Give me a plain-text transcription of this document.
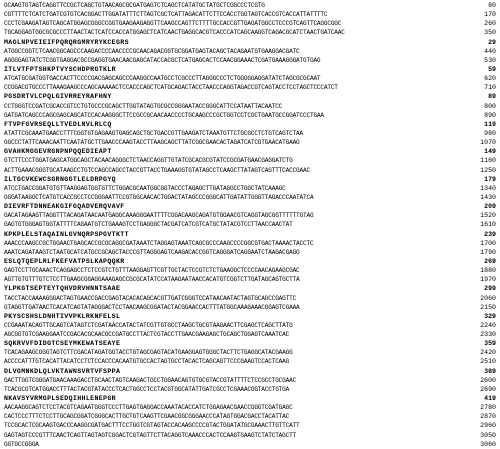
GCAAGTGTAGTCAGGTTCCGCTCAGCTGTAACAGCGCGATGAGTCTCAGCTCATATGCTATGCTCGGCCCTCGTG	80
CGTTTTCTCATCTGATCGTGTCACGGACTTGGATATTTCTTAGTCGCTCATTAGACATTCTTCCACCTGGTAGTCACCGTCACCATTATTTTC	170
CCCTCGAAGATAGTCAGCATGGAGCGGGCCGGTGAAGAAGAGGTTCAAGCCAGTTCTTTTGCCACCGTTGAGATGGCCTCCCGTCAGTTCAGGCGGC	260
TGCAGGAGTGGCGCGCCCTTAACTACTCATCCACCATGGAGCTCATCAACTGAGGCACGTCACCCATCAGCAAGGTCAGACGCATCTAACTGATCAAC	350
MAGLNPVEIEIFPQRQRGMRYRYKCEGRS	29
ATGGCCGGTCTCAACGGCAGCCCAAGACCCCAACCCCGCAACAGACGGTGCGGATGAGTACAGCTACAGAATGTGAAGGACGATC	440
AGGGGAGTATCTCGGTGAGGACGCCGAGGTGAACAACGAGCATACCACGCTCATGAGCACTCCAACGGAAACTCGATGAAAGGGATGTGAG	530
ITLVTFPTSHKPTVYSCHDPRGTKLR	59
ATCATGCGATGGTGACCACTTCCCCGACGAGCAGCCCAAGGCCAATGCCTCGCCCTTAGGGCCCTCTGGGGGAGGATATCTAGCGCGCAAT	620
CCGGACGTGCCCTTAAAGAAGCCCAGCAAAAACTCCACCCAGCTCATGCAGACTACCTAACCCAGGTAGACCGTCAGTACCTCCTAGCTCCCATCT	710
PGSDRTVLCPQLGIVRREYRAFHNY	89
CCTGGGTCCGATCGCACCGTCCTGTGCCCGCAGCTTGGTATAGTGCGCCGGGAATACCGGGCATTCCATAATTACAATCC	800
GATGATCAGCCCAGCGAGCAGCATCCACAAGGGCTTCCGCCGCAACAACCCCTGCAAGCCCGCTGGTCCTCGCTGAATGCCGGATCCCTGAA	890
FTVPFGVRSEQLLTVEDLNVLRLCQ	119
ATATTCGCAAATGAACCTTTCGGTGTGAGAAGTGAGCAGCTGCTGACCGTTGAAGATCTAAATGTTCTGCGCCTCTGTCAGTCTAA	980
GGCCCTATTCAAACAATTCAATATGCTTGAACCCAAGTACCTTAAGCAGCTTATCGGCGAACACTAGATCATCGTGAACATGAAG	1070
GVAHKMGGEVRGNPNPQQEDIEAPT	149
GTCTTCCCTGGATGAGCATGGCAGCTACAACAGGGCTCTAACCAGGTTGTATCGCACGCGTATCCGCGATGAACGAGGATCTG	1160
ACTTGAAACGGGTGCATAAGCCTGTCCAGCCAGCCTACCGTTACCTGAAAGGTGTATAGCCTCAAGCTTATAGTCAGTTTCACCGAAC	1250
ILTGCVKEWCSGRNGGTLELDRPGYQ	179
ATCCTGACCGGATGTGTTAAGGAGTGGTGTTCTGGACGCAATGGCGGTACCCTAGAGCTTGATAGGCCTGGCTATCAAAGC	1340
GGGATAAGGCTCATGTCACCGCCTCCGGGAATTCCGTGGCAACACTGGACTATAGCCCGGGCATTGATATTGGGTTAGACCCAATATCA	1430
DIEVRFTDNNEAKGIFGQADVERQVAVF	209
GACATAGAAGTTAGGTTTACAGATAACAATGAGGCAAAGGGAATTTTCGGACAAGCAGATGTGGAACGTCAGGTAGCGGTTTTTTGTAG	1520
GAGTGTGGGAGTGGTATTTTCAGAATGTCTGAAAGTCCTGAGGGCTACGATCATCGTCATGCTATACGTCCTTAACCAACTAT	1610
KPKPLELSTAQAINLGVNQRPSPGVTKTT	239
AAACCCAAGCCGCTGGAACTGAGCACCGCGCAGGCGATAAATCTAGGAGTAAATCAGCGCCCAAGCCCCGGCGTGACTAAAACTACCTC	1700
AAATCAGATAAGTCTAATGCATCATGCCGCAGCTACCCGTTAGGGAGTCAAGACACCGGTCAGGGATCAGGAATCTAAGACGAGG	1790
ESLQTQEPLRLFKEFVATPSLKAPQQKR	269
GAGTCCTTGCAAACTCAGGAGCCTCTCCGTCTGTTTAAGGAGTTCGTTGCTACTCCGTCTCTGAAGGCTCCCCAACAGAAGCGAC	1880
AGTTGTGTTTGTCTCCTTGAAGCGGAGGAAAGAGCCGCGCATATCCATAAGAATAACCACATGTCGGTCTTGATAGCAGTGCTTA	1970
YLPKGTSEPTEYTQHVDRVHNNTSAAE	299
TACCTACCAAAAGGGACTAGTGAACCGACCGAGTACACACAGCACGTTGATCGGGTCCATAACAATACTAGTGCAGCCGAGTTC	2060
GTAGGTTGATAACTCACATCAGTATAGGGACTCCTAACAAGCGGATACTACGGAACCACTTTATGGCAAAGAAACGGAGTCGAAA	2150
PKYSCSHSLDNHTIVVPKLRKNFELSL	329
CCGAAATACAGTTGCAGTCATAGTCTCGATAACCATACTATCGTTGTGCCTAAGCTGCGTAAGAACTTCGAGCTCAGCTTATG	2240
AGCGGTGTCGAAGGAATCCGACACGCAACGCCGATGCCTTACTCGTACCTTGAACGAAGAGCTGCAGCTGGAGTCAAATCAC	2330
SQKRVVFDIDGTCSEYMKEWATSEAYE	359
TCACAGAAGCGGGTAGTCTTCGACATAGATGGTACCTGTAGCGAGTACATGAAGGAGTGGGCTACTTCTGAGGCATACGAAGG	2420
ACCCCATTTGTCACATTACATCCTCTCCACCCACAATGTGCCACTAGTGCCTACACTCAGCAGTTCCCGAAGTCCACTCAAG	2510
DLVGMNKDLQLVKTAWNSVRTVFSPPA	389
GACTTGGTCGGGATGAACAAAGACCTGCAACTAGTCAAGACTGCCTGGAACAGTGTGCGTACCGTATTTTCTCCGCCTGCGAAC	2600
TCACGCGTCATGGACCTTTACTACGTATACCCTCACTGGCCTCCTACGTGGCATATTGATCGCCTCGAAACGGTACCTGTGA	2690
NKAVSYVRMGPLSEDQIHHLENEPGR	419
AACAAGGCAGTCTCCTACGTCAGAATGGGTCCCTTGAGTGAGGACCAAATACACCATCTGGAGAACGAACCGGGTCGATGAGC	2780
CACTCCCTTTCTCCTTGCAGCGGATCGGGCACTTGCTGTCAAGTTCGAACGGCGGGAACCCATAGTGGACGACCTACATTAC	2870
TCCGCACTCGCAAGTGACCCAAGGCGATGACTTTCCTGGTCGTAGTACCACAAGCCCCGTACTGGATATGCGAAACTTGTTCATT	2960
GAGTAGTCCCGTTTCAACTCAGTTAGTAGTCGGACTCGTAGTTCTTACAGGTCAAACCCACTCCAAGTGAAGTCTATCTAGCTT	3050
GGTGCCGGGA	3060
